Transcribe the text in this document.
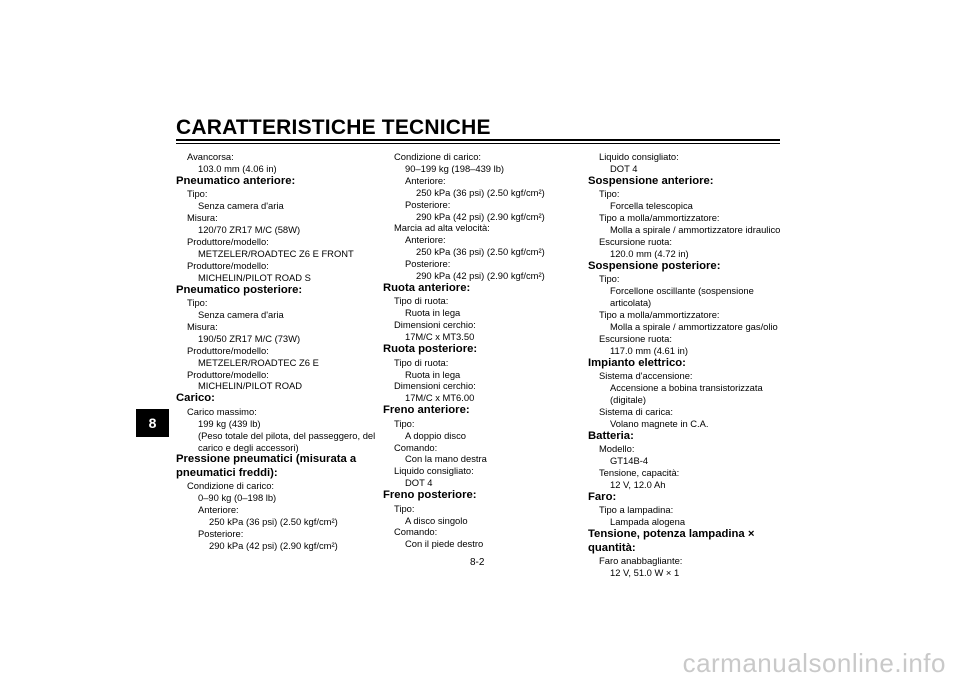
CARATTERISTICHE TECNICHE
8
Avancorsa:
103.0 mm (4.06 in)
Pneumatico anteriore:
Tipo:
Senza camera d'aria
Misura:
120/70 ZR17 M/C (58W)
Produttore/modello:
METZELER/ROADTEC Z6 E FRONT
Produttore/modello:
MICHELIN/PILOT ROAD S
Pneumatico posteriore:
Tipo:
Senza camera d'aria
Misura:
190/50 ZR17 M/C (73W)
Produttore/modello:
METZELER/ROADTEC Z6 E
Produttore/modello:
MICHELIN/PILOT ROAD
Carico:
Carico massimo:
199 kg (439 lb)
(Peso totale del pilota, del passeggero, del
carico e degli accessori)
Pressione pneumatici (misurata a
pneumatici freddi):
Condizione di carico:
0–90 kg (0–198 lb)
Anteriore:
250 kPa (36 psi) (2.50 kgf/cm²)
Posteriore:
290 kPa (42 psi) (2.90 kgf/cm²)
Condizione di carico:
90–199 kg (198–439 lb)
Anteriore:
250 kPa (36 psi) (2.50 kgf/cm²)
Posteriore:
290 kPa (42 psi) (2.90 kgf/cm²)
Marcia ad alta velocità:
Anteriore:
250 kPa (36 psi) (2.50 kgf/cm²)
Posteriore:
290 kPa (42 psi) (2.90 kgf/cm²)
Ruota anteriore:
Tipo di ruota:
Ruota in lega
Dimensioni cerchio:
17M/C x MT3.50
Ruota posteriore:
Tipo di ruota:
Ruota in lega
Dimensioni cerchio:
17M/C x MT6.00
Freno anteriore:
Tipo:
A doppio disco
Comando:
Con la mano destra
Liquido consigliato:
DOT 4
Freno posteriore:
Tipo:
A disco singolo
Comando:
Con il piede destro
Liquido consigliato:
DOT 4
Sospensione anteriore:
Tipo:
Forcella telescopica
Tipo a molla/ammortizzatore:
Molla a spirale / ammortizzatore idraulico
Escursione ruota:
120.0 mm (4.72 in)
Sospensione posteriore:
Tipo:
Forcellone oscillante (sospensione
articolata)
Tipo a molla/ammortizzatore:
Molla a spirale / ammortizzatore gas/olio
Escursione ruota:
117.0 mm (4.61 in)
Impianto elettrico:
Sistema d'accensione:
Accensione a bobina transistorizzata
(digitale)
Sistema di carica:
Volano magnete in C.A.
Batteria:
Modello:
GT14B-4
Tensione, capacità:
12 V, 12.0 Ah
Faro:
Tipo a lampadina:
Lampada alogena
Tensione, potenza lampadina × quantità:
Faro anabbagliante:
12 V, 51.0 W × 1
8-2
carmanualsonline.info
